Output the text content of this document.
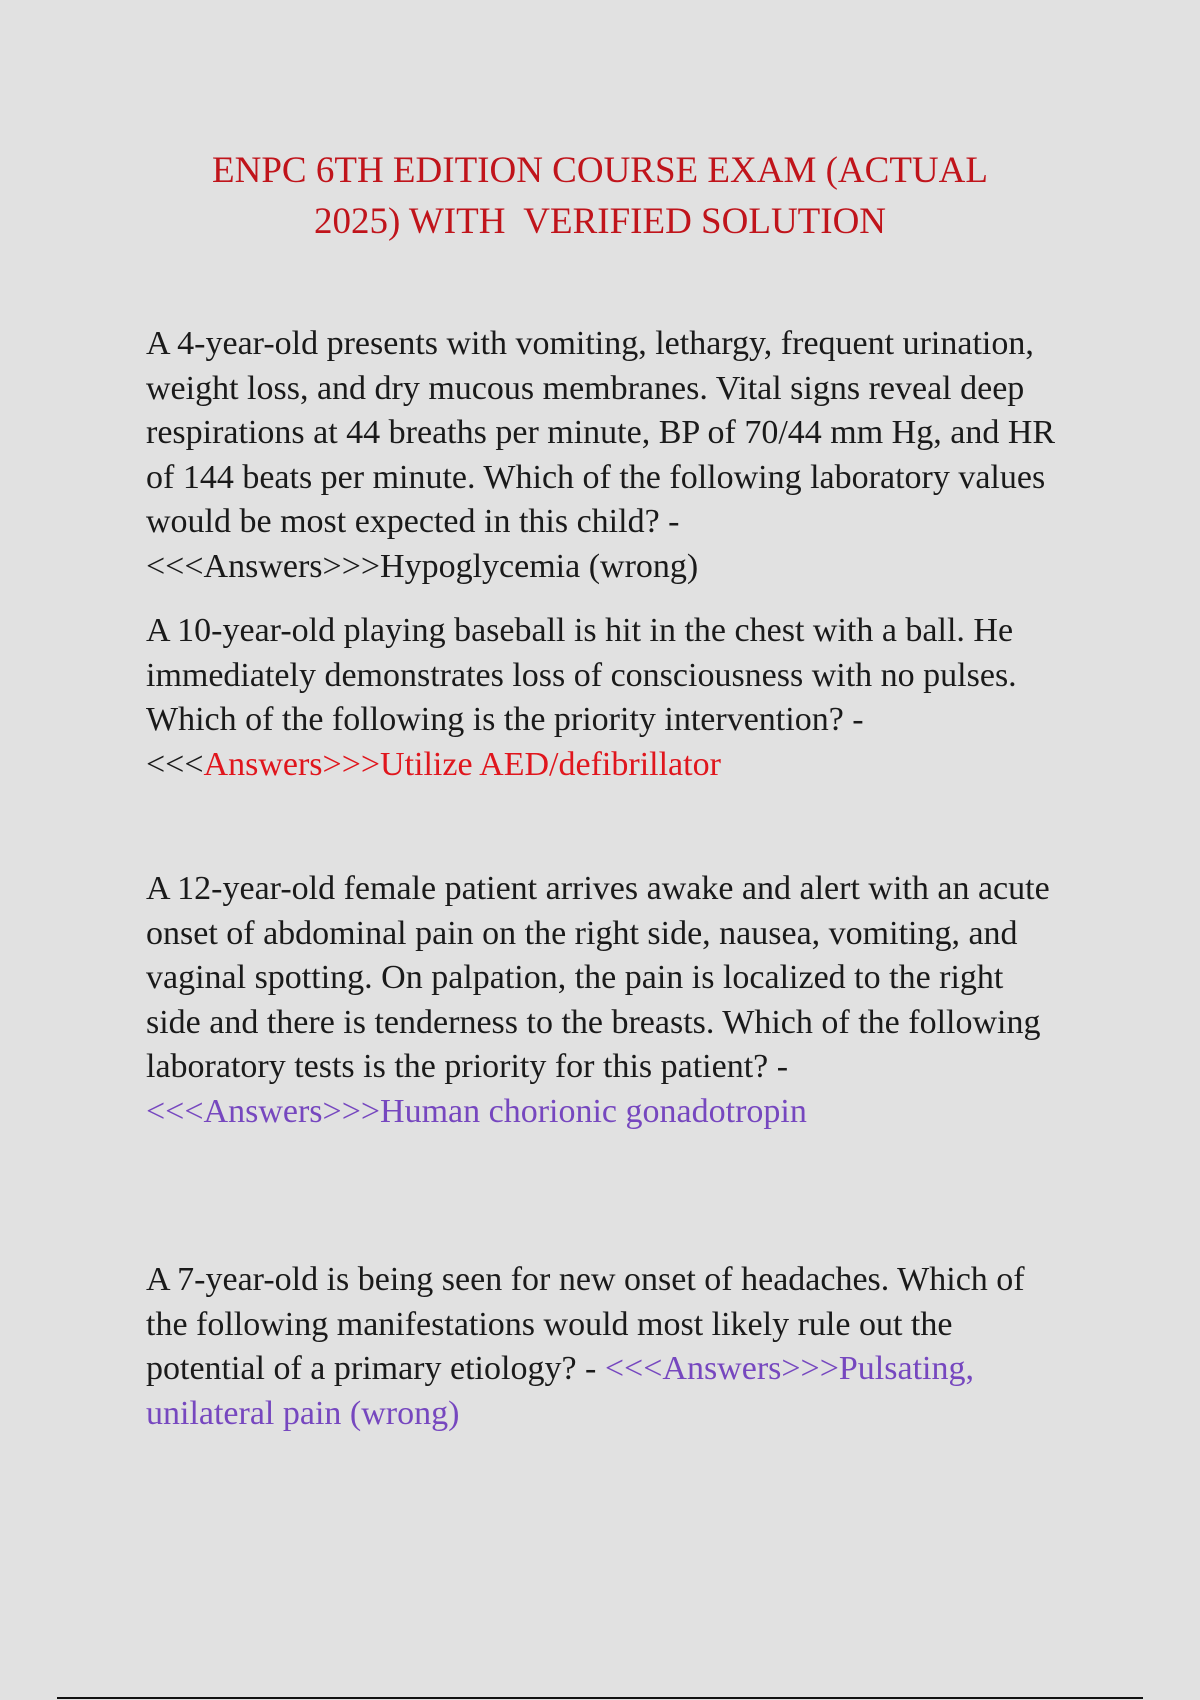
ENPC 6TH EDITION COURSE EXAM (ACTUAL
2025) WITH  VERIFIED SOLUTION
A 4-year-old presents with vomiting, lethargy, frequent urination, weight loss, and dry mucous membranes. Vital signs reveal deep respirations at 44 breaths per minute, BP of 70/44 mm Hg, and HR of 144 beats per minute. Which of the following laboratory values would be most expected in this child? - <<<Answers>>>Hypoglycemia (wrong)
A 10-year-old playing baseball is hit in the chest with a ball. He immediately demonstrates loss of consciousness with no pulses. Which of the following is the priority intervention? - <<<Answers>>>Utilize AED/defibrillator
A 12-year-old female patient arrives awake and alert with an acute onset of abdominal pain on the right side, nausea, vomiting, and vaginal spotting. On palpation, the pain is localized to the right side and there is tenderness to the breasts. Which of the following laboratory tests is the priority for this patient? - <<<Answers>>>Human chorionic gonadotropin
A 7-year-old is being seen for new onset of headaches. Which of the following manifestations would most likely rule out the potential of a primary etiology? - <<<Answers>>>Pulsating, unilateral pain (wrong)
